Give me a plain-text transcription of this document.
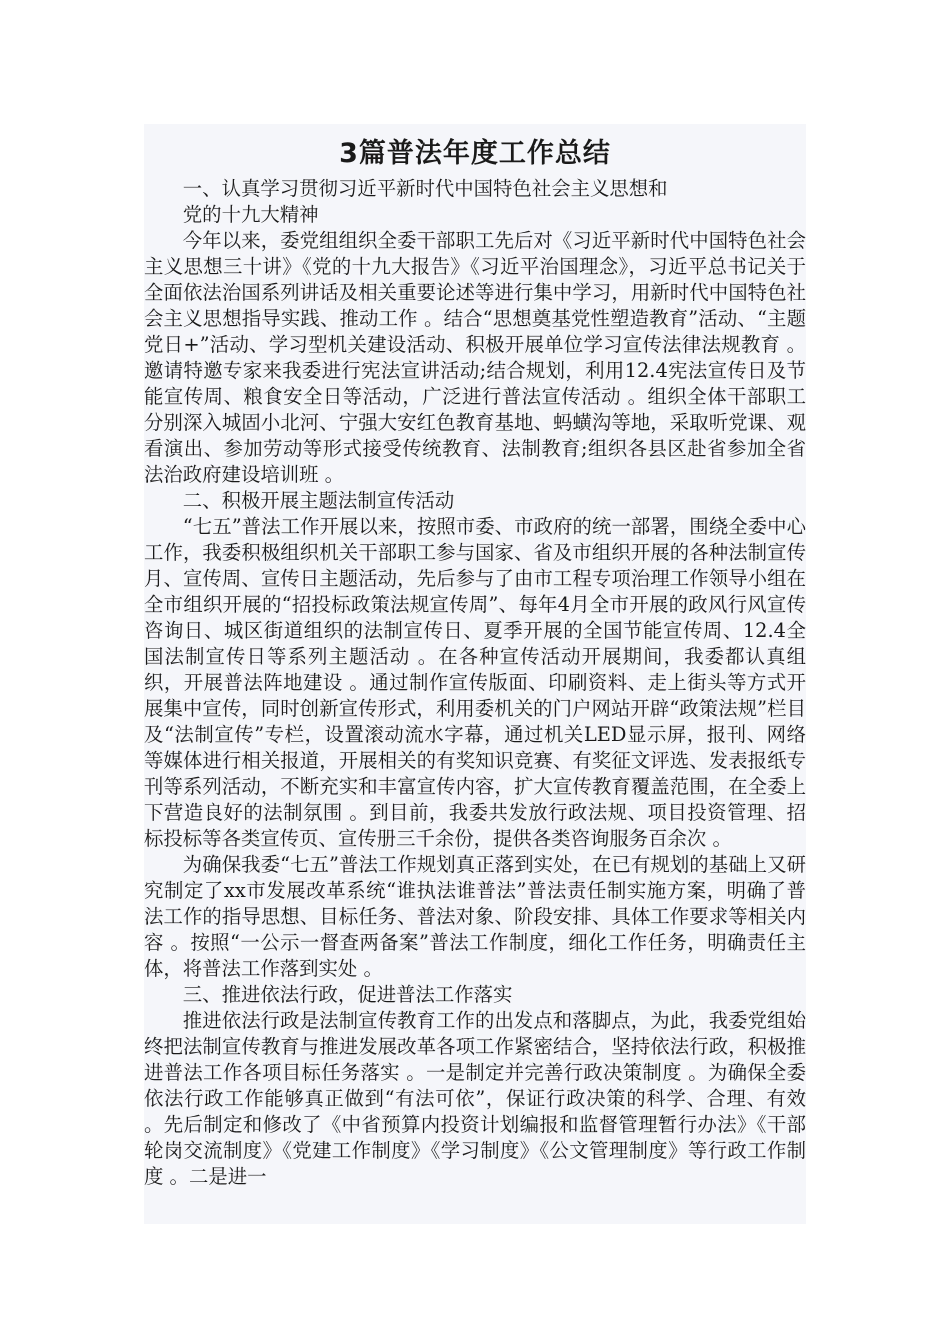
3篇普法年度工作总结
一、认真学习贯彻习近平新时代中国特色社会主义思想和
党的十九大精神

今年以来，委党组组织全委干部职工先后对《习近平新时代中国特色社会主义思想三十讲》《党的十九大报告》《习近平治国理念》，习近平总书记关于全面依法治国系列讲话及相关重要论述等进行集中学习，用新时代中国特色社会主义思想指导实践、推动工作 。结合“思想奠基党性塑造教育”活动、“主题党日+”活动、学习型机关建设活动、积极开展单位学习宣传法律法规教育 。邀请特邀专家来我委进行宪法宣讲活动;结合规划，利用12.4宪法宣传日及节能宣传周、粮食安全日等活动，广泛进行普法宣传活动 。组织全体干部职工分别深入城固小北河、宁强大安红色教育基地、蚂蟥沟等地，采取听党课、观看演出、参加劳动等形式接受传统教育、法制教育;组织各县区赴省参加全省法治政府建设培训班 。

二、积极开展主题法制宣传活动

“七五”普法工作开展以来，按照市委、市政府的统一部署，围绕全委中心工作，我委积极组织机关干部职工参与国家、省及市组织开展的各种法制宣传月、宣传周、宣传日主题活动，先后参与了由市工程专项治理工作领导小组在全市组织开展的“招投标政策法规宣传周”、每年4月全市开展的政风行风宣传咨询日、城区街道组织的法制宣传日、夏季开展的全国节能宣传周、12.4全国法制宣传日等系列主题活动 。在各种宣传活动开展期间，我委都认真组织，开展普法阵地建设 。通过制作宣传版面、印刷资料、走上街头等方式开展集中宣传，同时创新宣传形式，利用委机关的门户网站开辟“政策法规”栏目及“法制宣传”专栏，设置滚动流水字幕，通过机关LED显示屏，报刊、网络等媒体进行相关报道，开展相关的有奖知识竞赛、有奖征文评选、发表报纸专刊等系列活动，不断充实和丰富宣传内容，扩大宣传教育覆盖范围，在全委上下营造良好的法制氛围 。到目前，我委共发放行政法规、项目投资管理、招标投标等各类宣传页、宣传册三千余份，提供各类咨询服务百余次 。

为确保我委“七五”普法工作规划真正落到实处，在已有规划的基础上又研究制定了xx市发展改革系统“谁执法谁普法”普法责任制实施方案，明确了普法工作的指导思想、目标任务、普法对象、阶段安排、具体工作要求等相关内容 。按照“一公示一督查两备案”普法工作制度，细化工作任务，明确责任主体，将普法工作落到实处 。

三、推进依法行政，促进普法工作落实

推进依法行政是法制宣传教育工作的出发点和落脚点，为此，我委党组始终把法制宣传教育与推进发展改革各项工作紧密结合，坚持依法行政，积极推进普法工作各项目标任务落实 。一是制定并完善行政决策制度 。为确保全委依法行政工作能够真正做到“有法可依”，保证行政决策的科学、合理、有效 。先后制定和修改了《中省预算内投资计划编报和监督管理暂行办法》《干部轮岗交流制度》《党建工作制度》《学习制度》《公文管理制度》等行政工作制度 。二是进一
